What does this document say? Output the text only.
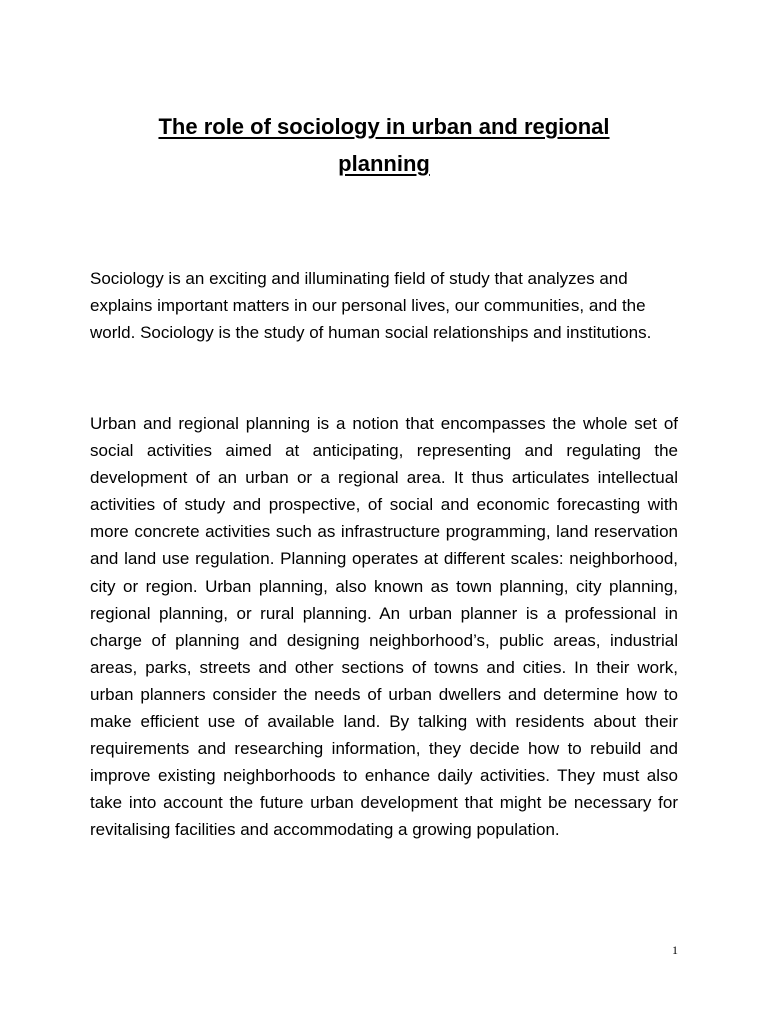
The role of sociology in urban and regional
planning

Sociology is an exciting and illuminating field of study that analyzes and explains important matters in our personal lives, our communities, and the world. Sociology is the study of human social relationships and institutions.

Urban and regional planning is a notion that encompasses the whole set of social activities aimed at anticipating, representing and regulating the development of an urban or a regional area. It thus articulates intellectual activities of study and prospective, of social and economic forecasting with more concrete activities such as infrastructure programming, land reservation and land use regulation. Planning operates at different scales: neighborhood, city or region. Urban planning, also known as town planning, city planning, regional planning, or rural planning. An urban planner is a professional in charge of planning and designing neighborhood’s, public areas, industrial areas, parks, streets and other sections of towns and cities. In their work, urban planners consider the needs of urban dwellers and determine how to make efficient use of available land. By talking with residents about their requirements and researching information, they decide how to rebuild and improve existing neighborhoods to enhance daily activities. They must also take into account the future urban development that might be necessary for revitalising facilities and accommodating a growing population.

1
